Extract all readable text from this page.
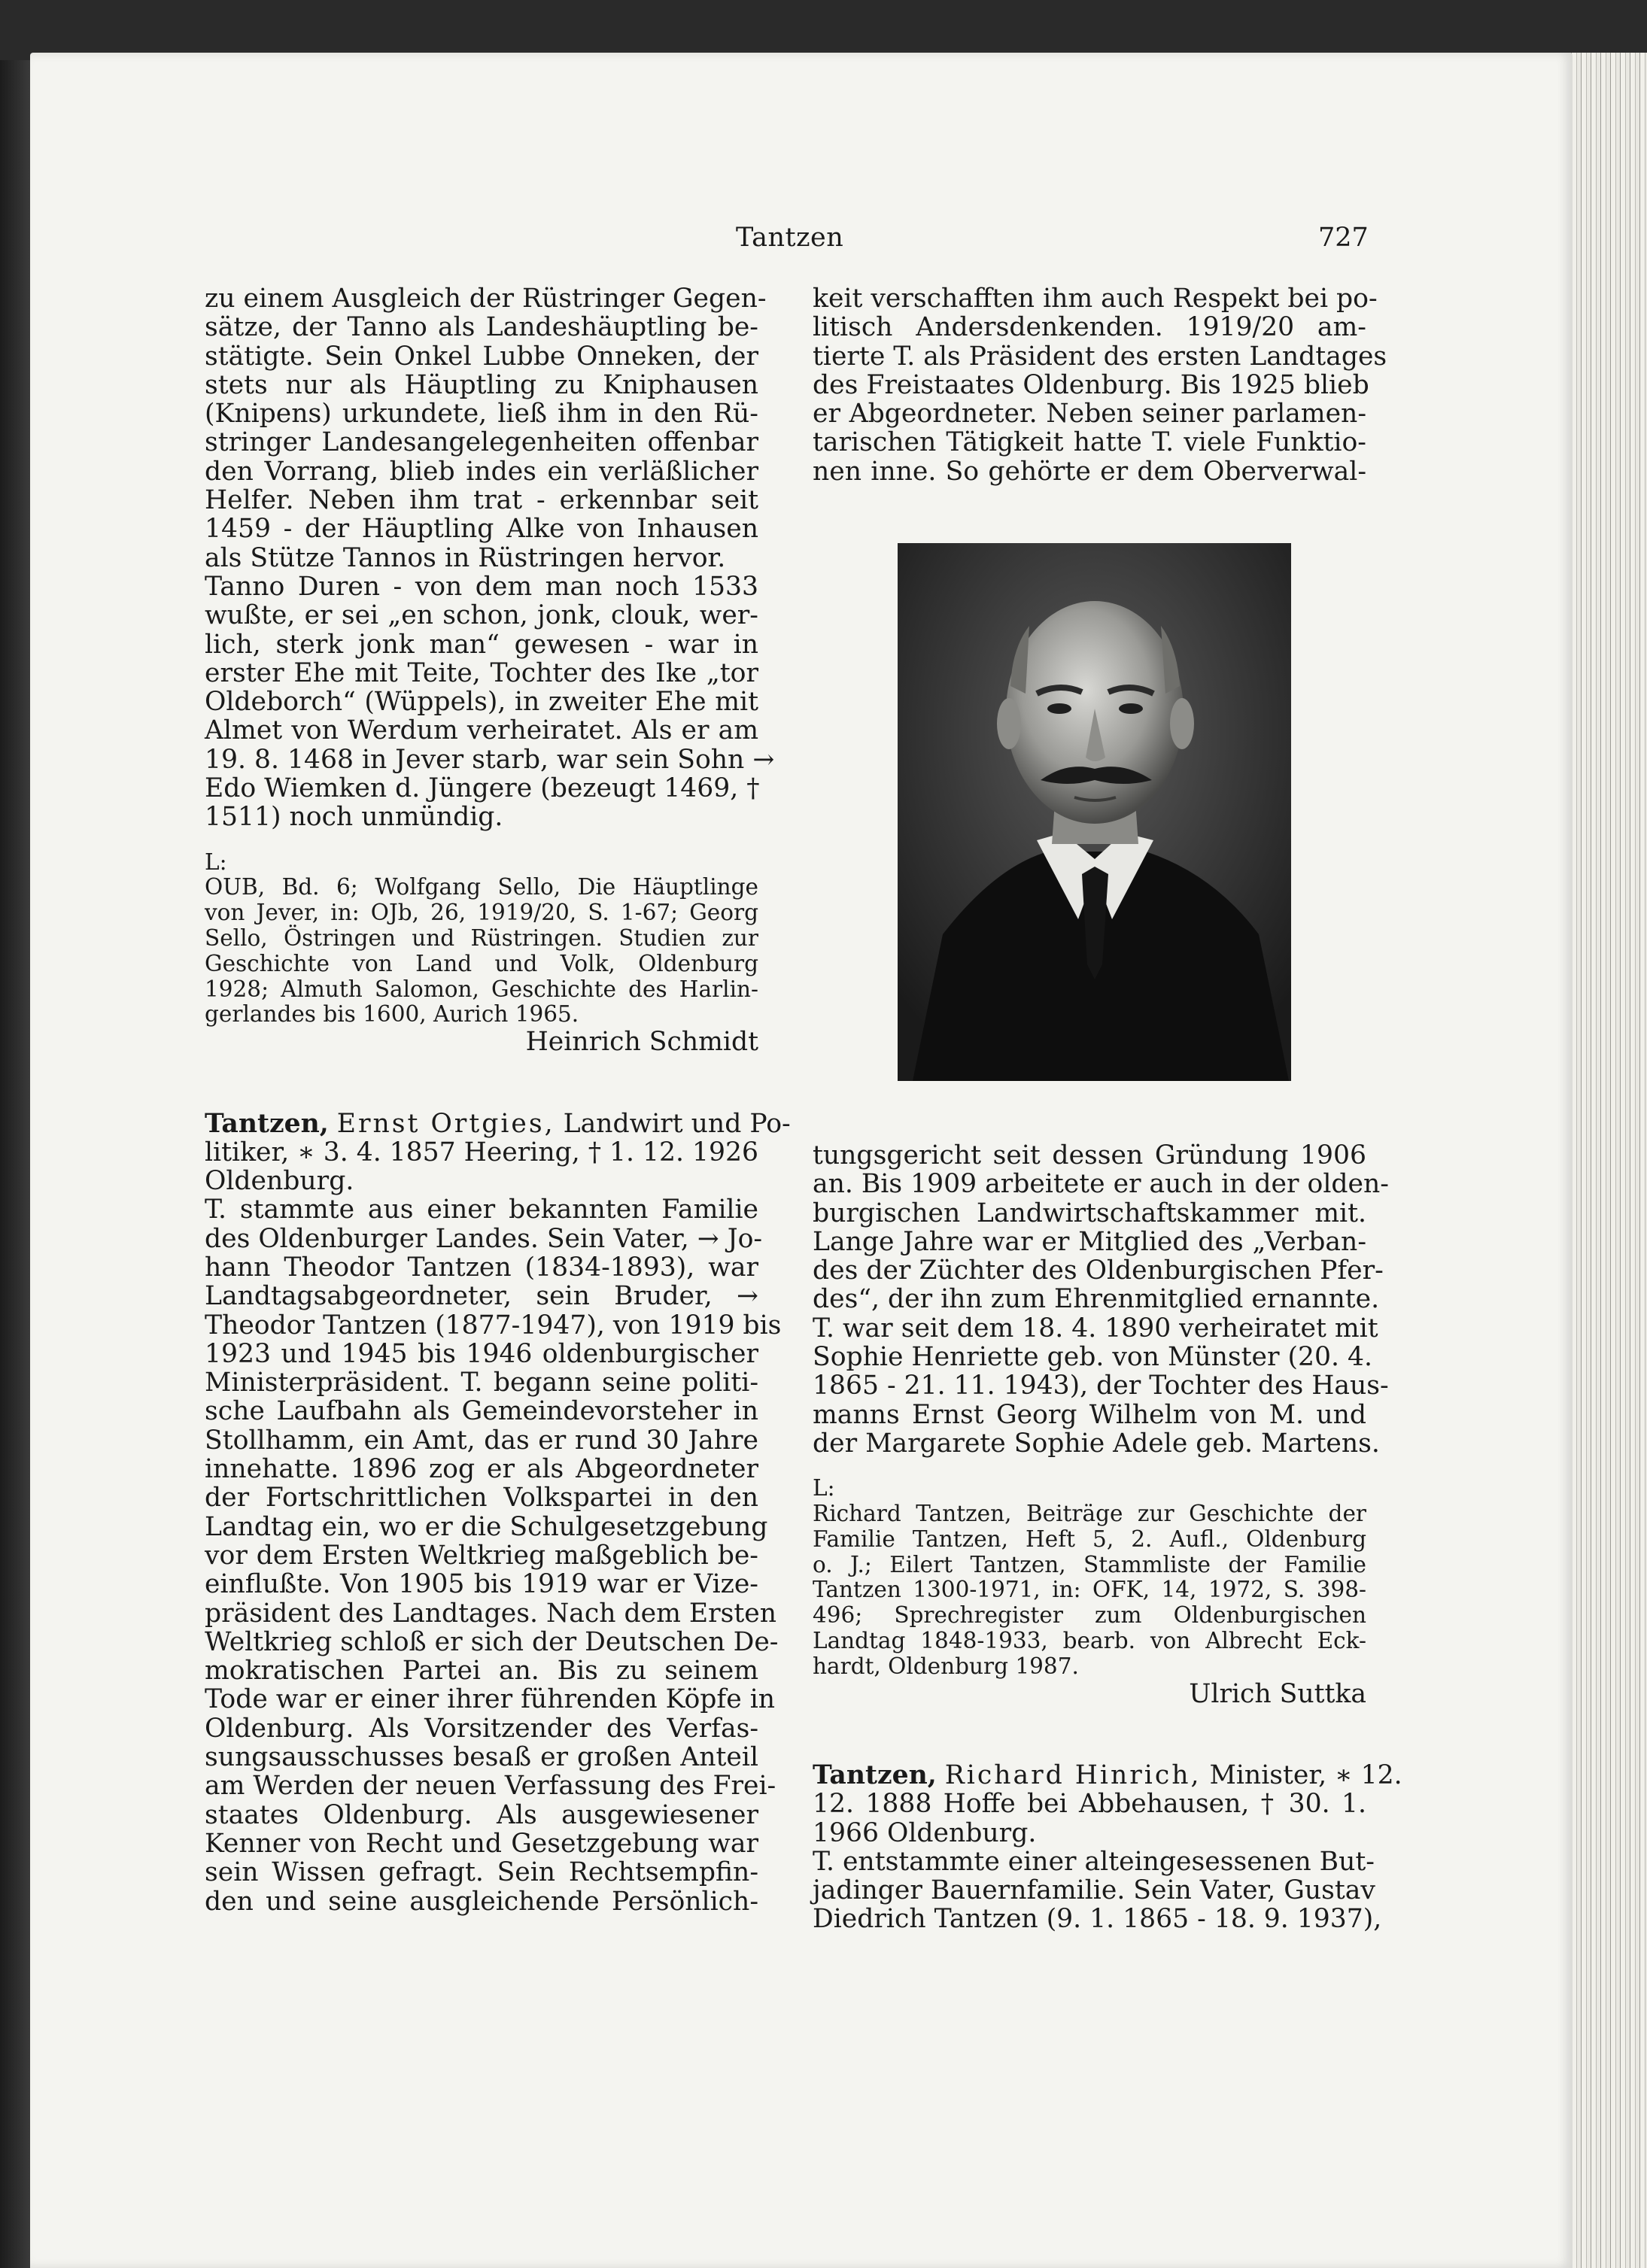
Tantzen	727
zu einem Ausgleich der Rüstringer Gegen-
sätze, der Tanno als Landeshäuptling be-
stätigte. Sein Onkel Lubbe Onneken, der
stets nur als Häuptling zu Kniphausen
(Knipens) urkundete, ließ ihm in den Rü-
stringer Landesangelegenheiten offenbar
den Vorrang, blieb indes ein verläßlicher
Helfer. Neben ihm trat - erkennbar seit
1459 - der Häuptling Alke von Inhausen
als Stütze Tannos in Rüstringen hervor.
Tanno Duren - von dem man noch 1533
wußte, er sei „en schon, jonk, clouk, wer-
lich, sterk jonk man“ gewesen - war in
erster Ehe mit Teite, Tochter des Ike „tor
Oldeborch“ (Wüppels), in zweiter Ehe mit
Almet von Werdum verheiratet. Als er am
19. 8. 1468 in Jever starb, war sein Sohn →
Edo Wiemken d. Jüngere (bezeugt 1469, †
1511) noch unmündig.
L:
OUB, Bd. 6; Wolfgang Sello, Die Häuptlinge
von Jever, in: OJb, 26, 1919/20, S. 1-67; Georg
Sello, Östringen und Rüstringen. Studien zur
Geschichte von Land und Volk, Oldenburg
1928; Almuth Salomon, Geschichte des Harlin-
gerlandes bis 1600, Aurich 1965.
Heinrich Schmidt
Tantzen, Ernst Ortgies, Landwirt und Po-
litiker, ∗ 3. 4. 1857 Heering, † 1. 12. 1926
Oldenburg.
T. stammte aus einer bekannten Familie
des Oldenburger Landes. Sein Vater, → Jo-
hann Theodor Tantzen (1834-1893), war
Landtagsabgeordneter, sein Bruder, →
Theodor Tantzen (1877-1947), von 1919 bis
1923 und 1945 bis 1946 oldenburgischer
Ministerpräsident. T. begann seine politi-
sche Laufbahn als Gemeindevorsteher in
Stollhamm, ein Amt, das er rund 30 Jahre
innehatte. 1896 zog er als Abgeordneter
der Fortschrittlichen Volkspartei in den
Landtag ein, wo er die Schulgesetzgebung
vor dem Ersten Weltkrieg maßgeblich be-
einflußte. Von 1905 bis 1919 war er Vize-
präsident des Landtages. Nach dem Ersten
Weltkrieg schloß er sich der Deutschen De-
mokratischen Partei an. Bis zu seinem
Tode war er einer ihrer führenden Köpfe in
Oldenburg. Als Vorsitzender des Verfas-
sungsausschusses besaß er großen Anteil
am Werden der neuen Verfassung des Frei-
staates Oldenburg. Als ausgewiesener
Kenner von Recht und Gesetzgebung war
sein Wissen gefragt. Sein Rechtsempfin-
den und seine ausgleichende Persönlich-
keit verschafften ihm auch Respekt bei po-
litisch Andersdenkenden. 1919/20 am-
tierte T. als Präsident des ersten Landtages
des Freistaates Oldenburg. Bis 1925 blieb
er Abgeordneter. Neben seiner parlamen-
tarischen Tätigkeit hatte T. viele Funktio-
nen inne. So gehörte er dem Oberverwal-
tungsgericht seit dessen Gründung 1906
an. Bis 1909 arbeitete er auch in der olden-
burgischen Landwirtschaftskammer mit.
Lange Jahre war er Mitglied des „Verban-
des der Züchter des Oldenburgischen Pfer-
des“, der ihn zum Ehrenmitglied ernannte.
T. war seit dem 18. 4. 1890 verheiratet mit
Sophie Henriette geb. von Münster (20. 4.
1865 - 21. 11. 1943), der Tochter des Haus-
manns Ernst Georg Wilhelm von M. und
der Margarete Sophie Adele geb. Martens.
L:
Richard Tantzen, Beiträge zur Geschichte der
Familie Tantzen, Heft 5, 2. Aufl., Oldenburg
o. J.; Eilert Tantzen, Stammliste der Familie
Tantzen 1300-1971, in: OFK, 14, 1972, S. 398-
496; Sprechregister zum Oldenburgischen
Landtag 1848-1933, bearb. von Albrecht Eck-
hardt, Oldenburg 1987.
Ulrich Suttka
Tantzen, Richard Hinrich, Minister, ∗ 12.
12. 1888 Hoffe bei Abbehausen, † 30. 1.
1966 Oldenburg.
T. entstammte einer alteingesessenen But-
jadinger Bauernfamilie. Sein Vater, Gustav
Diedrich Tantzen (9. 1. 1865 - 18. 9. 1937),
